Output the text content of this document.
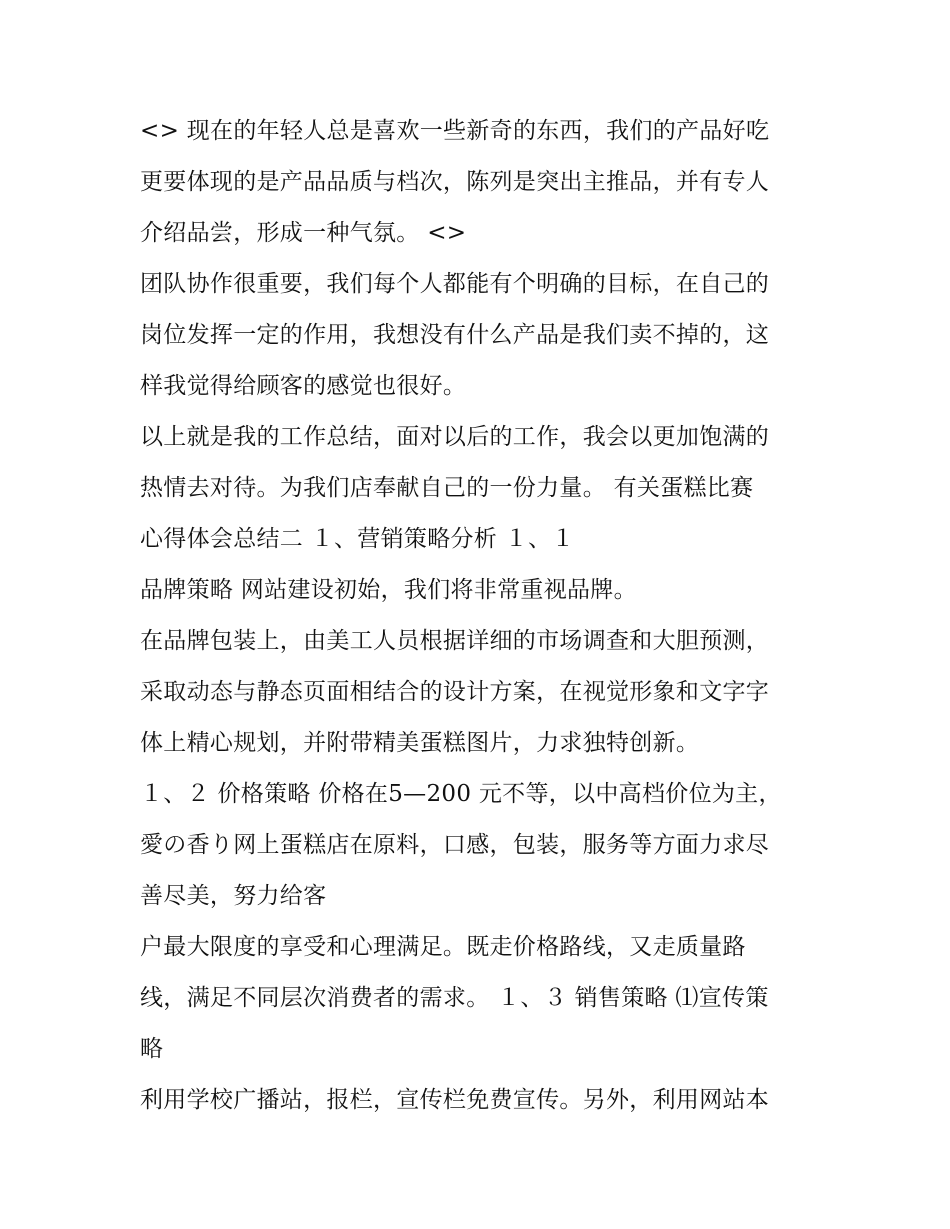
<> 现在的年轻人总是喜欢一些新奇的东西，我们的产品好吃
更要体现的是产品品质与档次，陈列是突出主推品，并有专人
介绍品尝，形成一种气氛。 <>
团队协作很重要，我们每个人都能有个明确的目标，在自己的
岗位发挥一定的作用，我想没有什么产品是我们卖不掉的，这
样我觉得给顾客的感觉也很好。
以上就是我的工作总结，面对以后的工作，我会以更加饱满的
热情去对待。为我们店奉献自己的一份力量。 有关蛋糕比赛
心得体会总结二 １、营销策略分析 １、１
品牌策略 网站建设初始，我们将非常重视品牌。
在品牌包装上，由美工人员根据详细的市场调查和大胆预测，
采取动态与静态页面相结合的设计方案，在视觉形象和文字字
体上精心规划，并附带精美蛋糕图片，力求独特创新。
１、２ 价格策略 价格在5—200 元不等，以中高档价位为主，
愛の香り网上蛋糕店在原料，口感，包装，服务等方面力求尽
善尽美，努力给客
户最大限度的享受和心理满足。既走价格路线，又走质量路
线，满足不同层次消费者的需求。 １、３ 销售策略 ⑴宣传策
略
利用学校广播站，报栏，宣传栏免费宣传。另外，利用网站本
